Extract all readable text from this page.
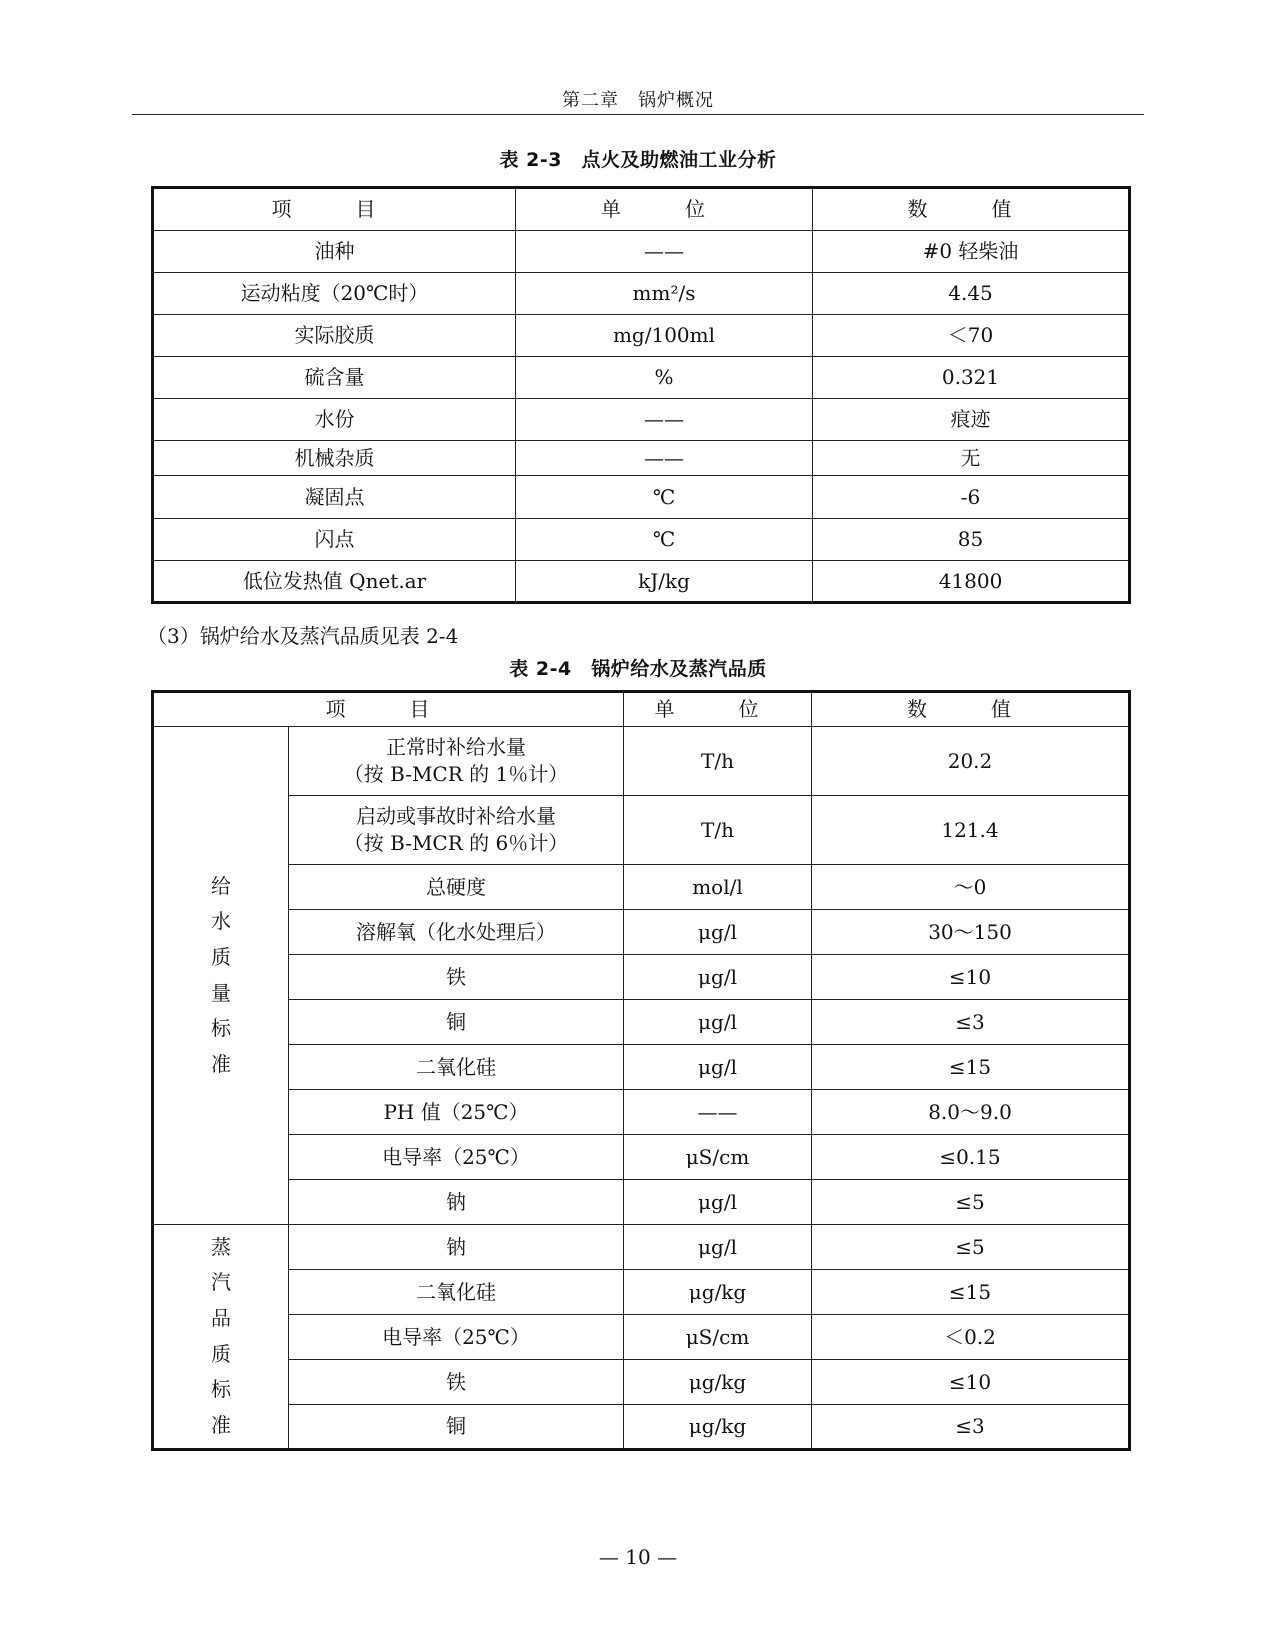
第二章　锅炉概况
表 2-3　点火及助燃油工业分析
项　目	单　位	数　值
油种	——	#0 轻柴油
运动粘度（20℃时）	mm²/s	4.45
实际胶质	mg/100ml	＜70
硫含量	%	0.321
水份	——	痕迹
机械杂质	——	无
凝固点	℃	-6
闪点	℃	85
低位发热值 Qnet.ar	kJ/kg	41800
（3）锅炉给水及蒸汽品质见表 2-4
表 2-4　锅炉给水及蒸汽品质
项　目		单　位	数　值

给水质量标准	正常时补给水量
（按 B-MCR 的 1％计）	T/h	20.2
	启动或事故时补给水量
（按 B-MCR 的 6％计）	T/h	121.4
	总硬度	mol/l	～0
	溶解氧（化水处理后）	μg/l	30～150
	铁	μg/l	≤10
	铜	μg/l	≤3
	二氧化硅	μg/l	≤15
	PH 值（25℃）	——	8.0～9.0
	电导率（25℃）	μS/cm	≤0.15
	钠	μg/l	≤5

蒸汽品质标准	钠	μg/l	≤5
	二氧化硅	μg/kg	≤15
	电导率（25℃）	μS/cm	＜0.2
	铁	μg/kg	≤10
	铜	μg/kg	≤3
— 10 —
